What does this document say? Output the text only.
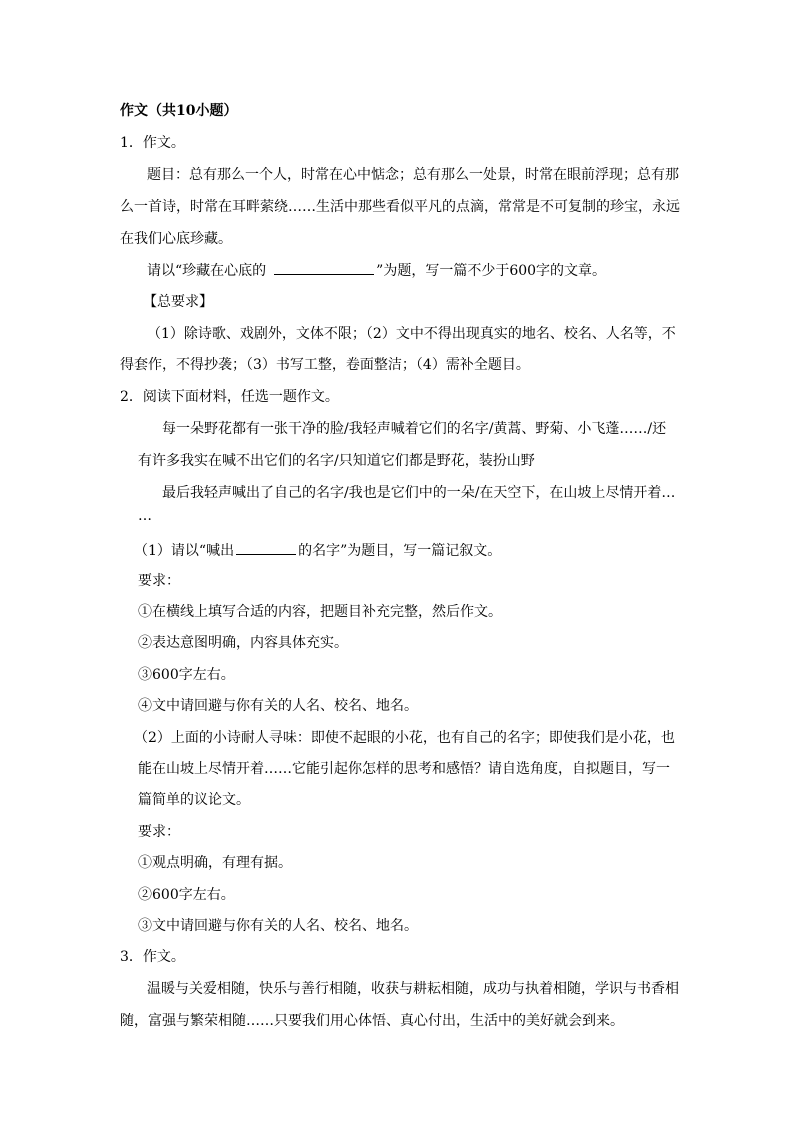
作文（共10小题）
1．作文。
题目：总有那么一个人，时常在心中惦念；总有那么一处景，时常在眼前浮现；总有那
么一首诗，时常在耳畔萦绕……生活中那些看似平凡的点滴，常常是不可复制的珍宝，永远
在我们心底珍藏。
请以“珍藏在心底的	”为题，写一篇不少于600字的文章。
【总要求】
（1）除诗歌、戏剧外，文体不限；（2）文中不得出现真实的地名、校名、人名等，不
得套作，不得抄袭；（3）书写工整，卷面整洁；（4）需补全题目。
2．阅读下面材料，任选一题作文。
每一朵野花都有一张干净的脸/我轻声喊着它们的名字/黄蒿、野菊、小飞蓬……/还
有许多我实在喊不出它们的名字/只知道它们都是野花，装扮山野
最后我轻声喊出了自己的名字/我也是它们中的一朵/在天空下，在山坡上尽情开着…
…
（1）请以“喊出	的名字”为题目，写一篇记叙文。
要求：
①在横线上填写合适的内容，把题目补充完整，然后作文。
②表达意图明确，内容具体充实。
③600字左右。
④文中请回避与你有关的人名、校名、地名。
（2）上面的小诗耐人寻味：即使不起眼的小花，也有自己的名字；即使我们是小花，也
能在山坡上尽情开着……它能引起你怎样的思考和感悟？请自选角度，自拟题目，写一
篇简单的议论文。
要求：
①观点明确，有理有据。
②600字左右。
③文中请回避与你有关的人名、校名、地名。
3．作文。
温暖与关爱相随，快乐与善行相随，收获与耕耘相随，成功与执着相随，学识与书香相
随，富强与繁荣相随……只要我们用心体悟、真心付出，生活中的美好就会到来。
